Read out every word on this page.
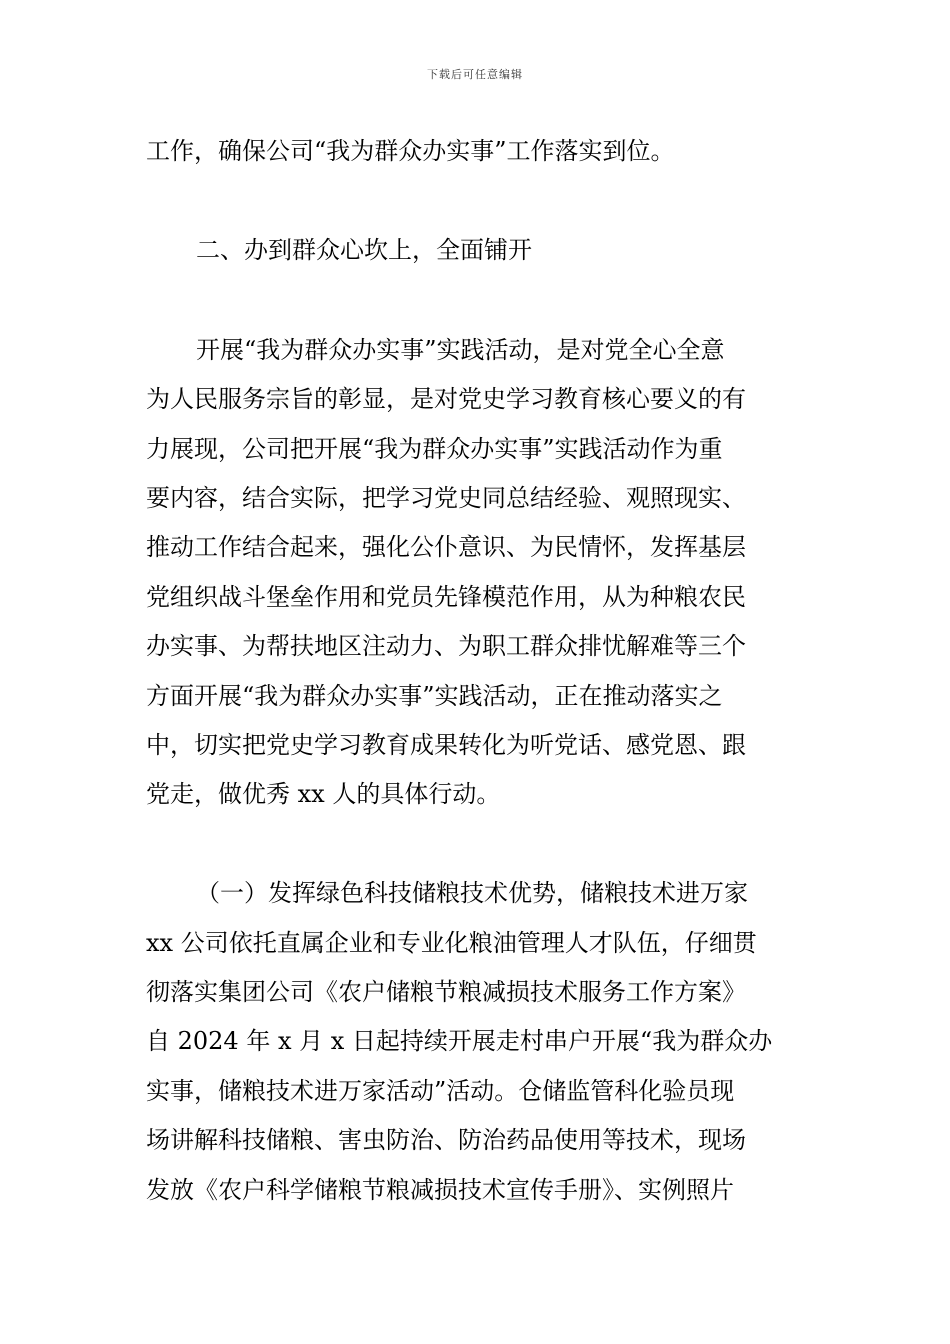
下载后可任意编辑
工作，确保公司“我为群众办实事”工作落实到位。
二、办到群众心坎上，全面铺开
开展“我为群众办实事”实践活动，是对党全心全意
为人民服务宗旨的彰显，是对党史学习教育核心要义的有
力展现，公司把开展“我为群众办实事”实践活动作为重
要内容，结合实际，把学习党史同总结经验、观照现实、
推动工作结合起来，强化公仆意识、为民情怀，发挥基层
党组织战斗堡垒作用和党员先锋模范作用，从为种粮农民
办实事、为帮扶地区注动力、为职工群众排忧解难等三个
方面开展“我为群众办实事”实践活动，正在推动落实之
中，切实把党史学习教育成果转化为听党话、感党恩、跟
党走，做优秀 xx 人的具体行动。
（一）发挥绿色科技储粮技术优势，储粮技术进万家
xx 公司依托直属企业和专业化粮油管理人才队伍，仔细贯
彻落实集团公司《农户储粮节粮减损技术服务工作方案》
自 2024 年 x 月 x 日起持续开展走村串户开展“我为群众办
实事，储粮技术进万家活动”活动。仓储监管科化验员现
场讲解科技储粮、害虫防治、防治药品使用等技术，现场
发放《农户科学储粮节粮减损技术宣传手册》、实例照片
